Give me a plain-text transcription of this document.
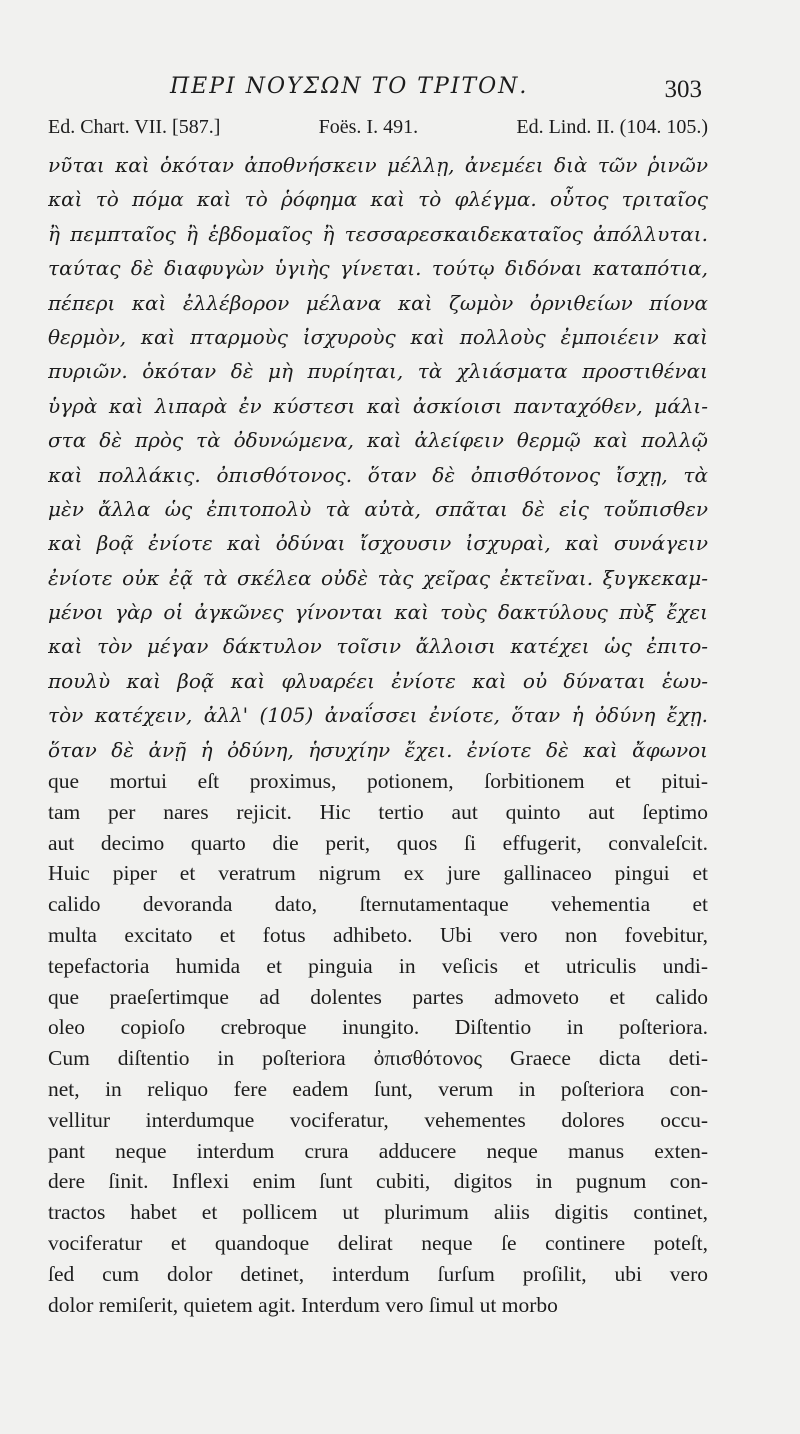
ΠΕΡΙ ΝΟΥΣΩΝ ΤΟ ΤΡΙΤΟΝ.	303
Ed. Chart. VII. [587.]	Foës. I. 491.	Ed. Lind. II. (104. 105.)
νῦται καὶ ὁκόταν ἀποθνήσκειν μέλλῃ, ἀνεμέει διὰ τῶν ῥινῶν
καὶ τὸ πόμα καὶ τὸ ῥόφημα καὶ τὸ φλέγμα. οὗτος τριταῖος
ἢ πεμπταῖος ἢ ἑβδομαῖος ἢ τεσσαρεσκαιδεκαταῖος ἀπόλλυται.
ταύτας δὲ διαφυγὼν ὑγιὴς γίνεται. τούτῳ διδόναι καταπότια,
πέπερι καὶ ἐλλέβορον μέλανα καὶ ζωμὸν ὀρνιθείων πίονα
θερμὸν, καὶ πταρμοὺς ἰσχυροὺς καὶ πολλοὺς ἐμποιέειν καὶ
πυριῶν. ὁκόταν δὲ μὴ πυρίηται, τὰ χλιάσματα προστιθέναι
ὑγρὰ καὶ λιπαρὰ ἐν κύστεσι καὶ ἀσκίοισι πανταχόθεν, μάλι-
στα δὲ πρὸς τὰ ὀδυνώμενα, καὶ ἀλείφειν θερμῷ καὶ πολλῷ
καὶ πολλάκις. ὀπισθότονος. ὅταν δὲ ὀπισθότονος ἴσχῃ, τὰ
μὲν ἄλλα ὡς ἐπιτοπολὺ τὰ αὐτὰ, σπᾶται δὲ εἰς τοὔπισθεν
καὶ βοᾷ ἐνίοτε καὶ ὀδύναι ἴσχουσιν ἰσχυραὶ, καὶ συνάγειν
ἐνίοτε οὐκ ἐᾷ τὰ σκέλεα οὐδὲ τὰς χεῖρας ἐκτεῖναι. ξυγκεκαμ-
μένοι γὰρ οἱ ἀγκῶνες γίνονται καὶ τοὺς δακτύλους πὺξ ἔχει
καὶ τὸν μέγαν δάκτυλον τοῖσιν ἄλλοισι κατέχει ὡς ἐπιτο-
πουλὺ καὶ βοᾷ καὶ φλυαρέει ἐνίοτε καὶ οὐ δύναται ἑωυ-
τὸν κατέχειν, ἀλλ' (105) ἀναΐσσει ἐνίοτε, ὅταν ἡ ὀδύνη ἔχῃ.
ὅταν δὲ ἀνῇ ἡ ὀδύνη, ἡσυχίην ἔχει. ἐνίοτε δὲ καὶ ἄφωνοι
que mortui eſt proximus, potionem, ſorbitionem et pitui-
tam per nares rejicit. Hic tertio aut quinto aut ſeptimo
aut decimo quarto die perit, quos ſi effugerit, convaleſcit.
Huic piper et veratrum nigrum ex jure gallinaceo pingui et
calido devoranda dato, ſternutamentaque vehementia et
multa excitato et fotus adhibeto. Ubi vero non fovebitur,
tepefactoria humida et pinguia in veſicis et utriculis undi-
que praeſertimque ad dolentes partes admoveto et calido
oleo copioſo crebroque inungito. Diſtentio in poſteriora.
Cum diſtentio in poſteriora ὀπισθότονος Graece dicta deti-
net, in reliquo fere eadem ſunt, verum in poſteriora con-
vellitur interdumque vociferatur, vehementes dolores occu-
pant neque interdum crura adducere neque manus exten-
dere ſinit. Inflexi enim ſunt cubiti, digitos in pugnum con-
tractos habet et pollicem ut plurimum aliis digitis continet,
vociferatur et quandoque delirat neque ſe continere poteſt,
ſed cum dolor detinet, interdum ſurſum proſilit, ubi vero
dolor remiſerit, quietem agit. Interdum vero ſimul ut morbo
